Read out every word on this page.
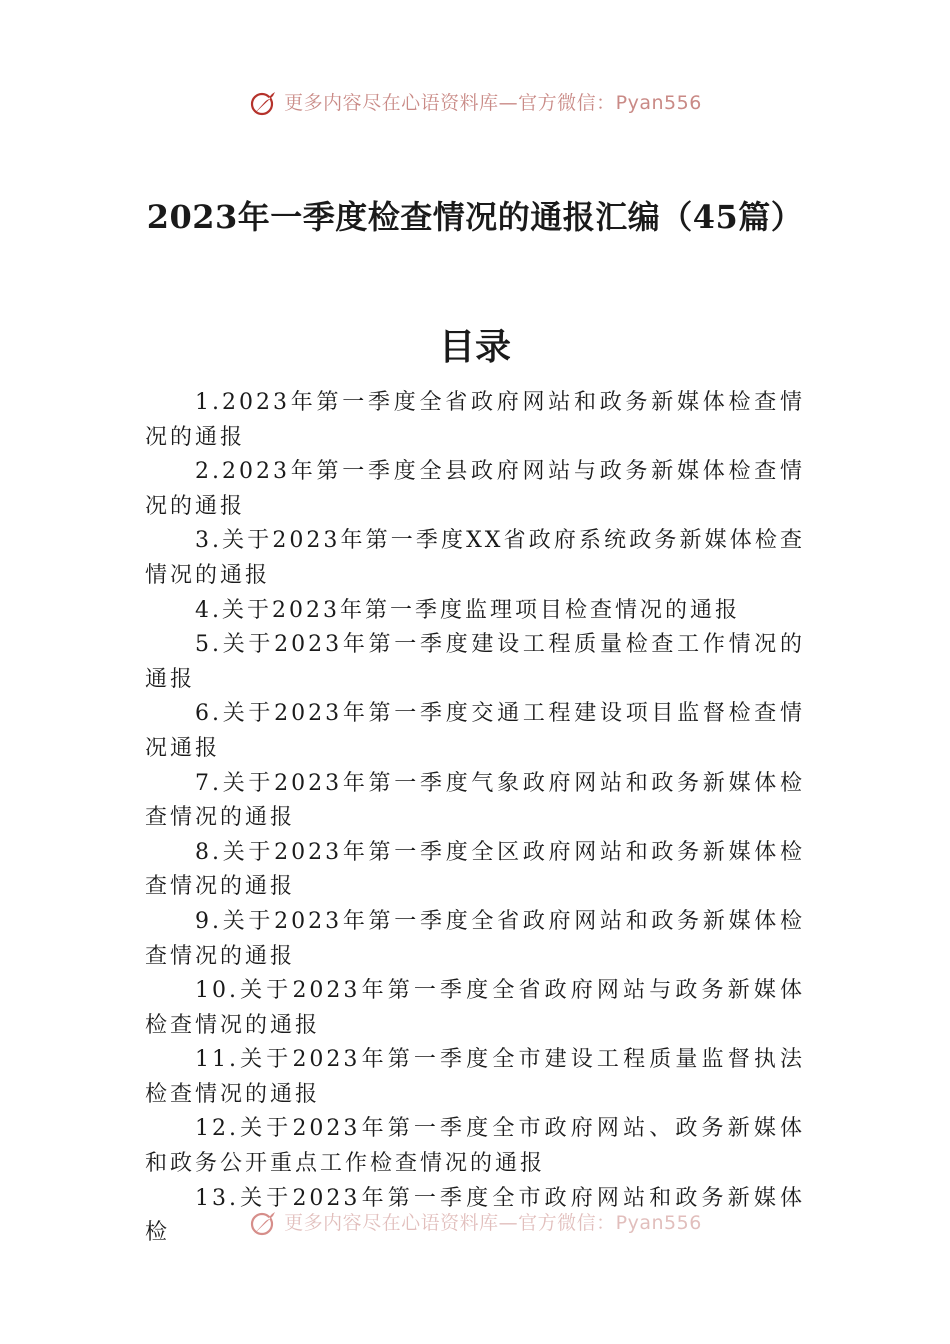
更多内容尽在心语资料库—官方微信：Pyan556
2023年一季度检查情况的通报汇编（45篇）
目录
1.2023年第一季度全省政府网站和政务新媒体检查情况的通报
2.2023年第一季度全县政府网站与政务新媒体检查情况的通报
3.关于2023年第一季度XX省政府系统政务新媒体检查情况的通报
4.关于2023年第一季度监理项目检查情况的通报
5.关于2023年第一季度建设工程质量检查工作情况的通报
6.关于2023年第一季度交通工程建设项目监督检查情况通报
7.关于2023年第一季度气象政府网站和政务新媒体检查情况的通报
8.关于2023年第一季度全区政府网站和政务新媒体检查情况的通报
9.关于2023年第一季度全省政府网站和政务新媒体检查情况的通报
10.关于2023年第一季度全省政府网站与政务新媒体检查情况的通报
11.关于2023年第一季度全市建设工程质量监督执法检查情况的通报
12.关于2023年第一季度全市政府网站、政务新媒体和政务公开重点工作检查情况的通报
13.关于2023年第一季度全市政府网站和政务新媒体检	更多内容尽在心语资料库—官方微信：Pyan556
